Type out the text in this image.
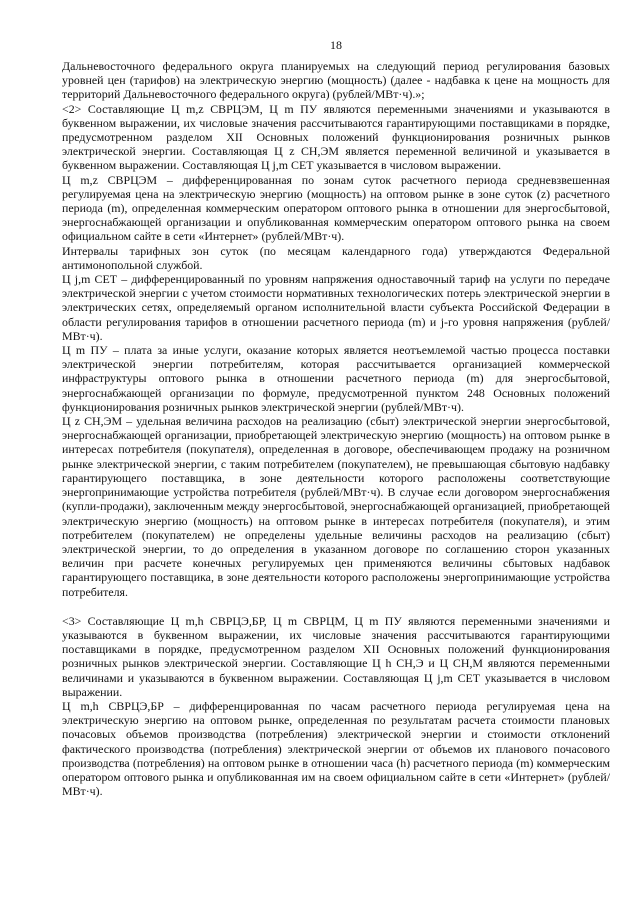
18

Дальневосточного федерального округа планируемых на следующий период регулирования базовых уровней цен (тарифов) на электрическую энергию (мощность) (далее - надбавка к цене на мощность для территорий Дальневосточного федерального округа) (рублей/МВт·ч).»;

<2> Составляющие Ц m,z СВРЦЭМ, Ц m ПУ являются переменными значениями и указываются в буквенном выражении, их числовые значения рассчитываются гарантирующими поставщиками в порядке, предусмотренном разделом XII Основных положений функционирования розничных рынков электрической энергии. Составляющая Ц z СН,ЭМ является переменной величиной и указывается в буквенном выражении. Составляющая Ц j,m СЕТ указывается в числовом выражении.

Ц m,z СВРЦЭМ – дифференцированная по зонам суток расчетного периода средневзвешенная регулируемая цена на электрическую энергию (мощность) на оптовом рынке в зоне суток (z) расчетного периода (m), определенная коммерческим оператором оптового рынка в отношении для энергосбытовой, энергоснабжающей организации и опубликованная коммерческим оператором оптового рынка на своем официальном сайте в сети «Интернет» (рублей/МВт·ч).

Интервалы тарифных зон суток (по месяцам календарного года) утверждаются Федеральной антимонопольной службой.

Ц j,m СЕТ – дифференцированный по уровням напряжения одноставочный тариф на услуги по передаче электрической энергии с учетом стоимости нормативных технологических потерь электрической энергии в электрических сетях, определяемый органом исполнительной власти субъекта Российской Федерации в области регулирования тарифов в отношении расчетного периода (m) и j-го уровня напряжения (рублей/МВт·ч).

Ц m ПУ – плата за иные услуги, оказание которых является неотъемлемой частью процесса поставки электрической энергии потребителям, которая рассчитывается организацией коммерческой инфраструктуры оптового рынка в отношении расчетного периода (m) для энергосбытовой, энергоснабжающей организации по формуле, предусмотренной пунктом 248 Основных положений функционирования розничных рынков электрической энергии (рублей/МВт·ч).

Ц z СН,ЭМ – удельная величина расходов на реализацию (сбыт) электрической энергии энергосбытовой, энергоснабжающей организации, приобретающей электрическую энергию (мощность) на оптовом рынке в интересах потребителя (покупателя), определенная в договоре, обеспечивающем продажу на розничном рынке электрической энергии, с таким потребителем (покупателем), не превышающая сбытовую надбавку гарантирующего поставщика, в зоне деятельности которого расположены соответствующие энергопринимающие устройства потребителя (рублей/МВт·ч). В случае если договором энергоснабжения (купли-продажи), заключенным между энергосбытовой, энергоснабжающей организацией, приобретающей электрическую энергию (мощность) на оптовом рынке в интересах потребителя (покупателя), и этим потребителем (покупателем) не определены удельные величины расходов на реализацию (сбыт) электрической энергии, то до определения в указанном договоре по соглашению сторон указанных величин при расчете конечных регулируемых цен применяются величины сбытовых надбавок гарантирующего поставщика, в зоне деятельности которого расположены энергопринимающие устройства потребителя.

<3> Составляющие Ц m,h СВРЦЭ,БР, Ц m СВРЦМ, Ц m ПУ являются переменными значениями и указываются в буквенном выражении, их числовые значения рассчитываются гарантирующими поставщиками в порядке, предусмотренном разделом XII Основных положений функционирования розничных рынков электрической энергии. Составляющие Ц h СН,Э и Ц СН,М являются переменными величинами и указываются в буквенном выражении. Составляющая Ц j,m СЕТ указывается в числовом выражении.

Ц m,h СВРЦЭ,БР – дифференцированная по часам расчетного периода регулируемая цена на электрическую энергию на оптовом рынке, определенная по результатам расчета стоимости плановых почасовых объемов производства (потребления) электрической энергии и стоимости отклонений фактического производства (потребления) электрической энергии от объемов их планового почасового производства (потребления) на оптовом рынке в отношении часа (h) расчетного периода (m) коммерческим оператором оптового рынка и опубликованная им на своем официальном сайте в сети «Интернет» (рублей/МВт·ч).
